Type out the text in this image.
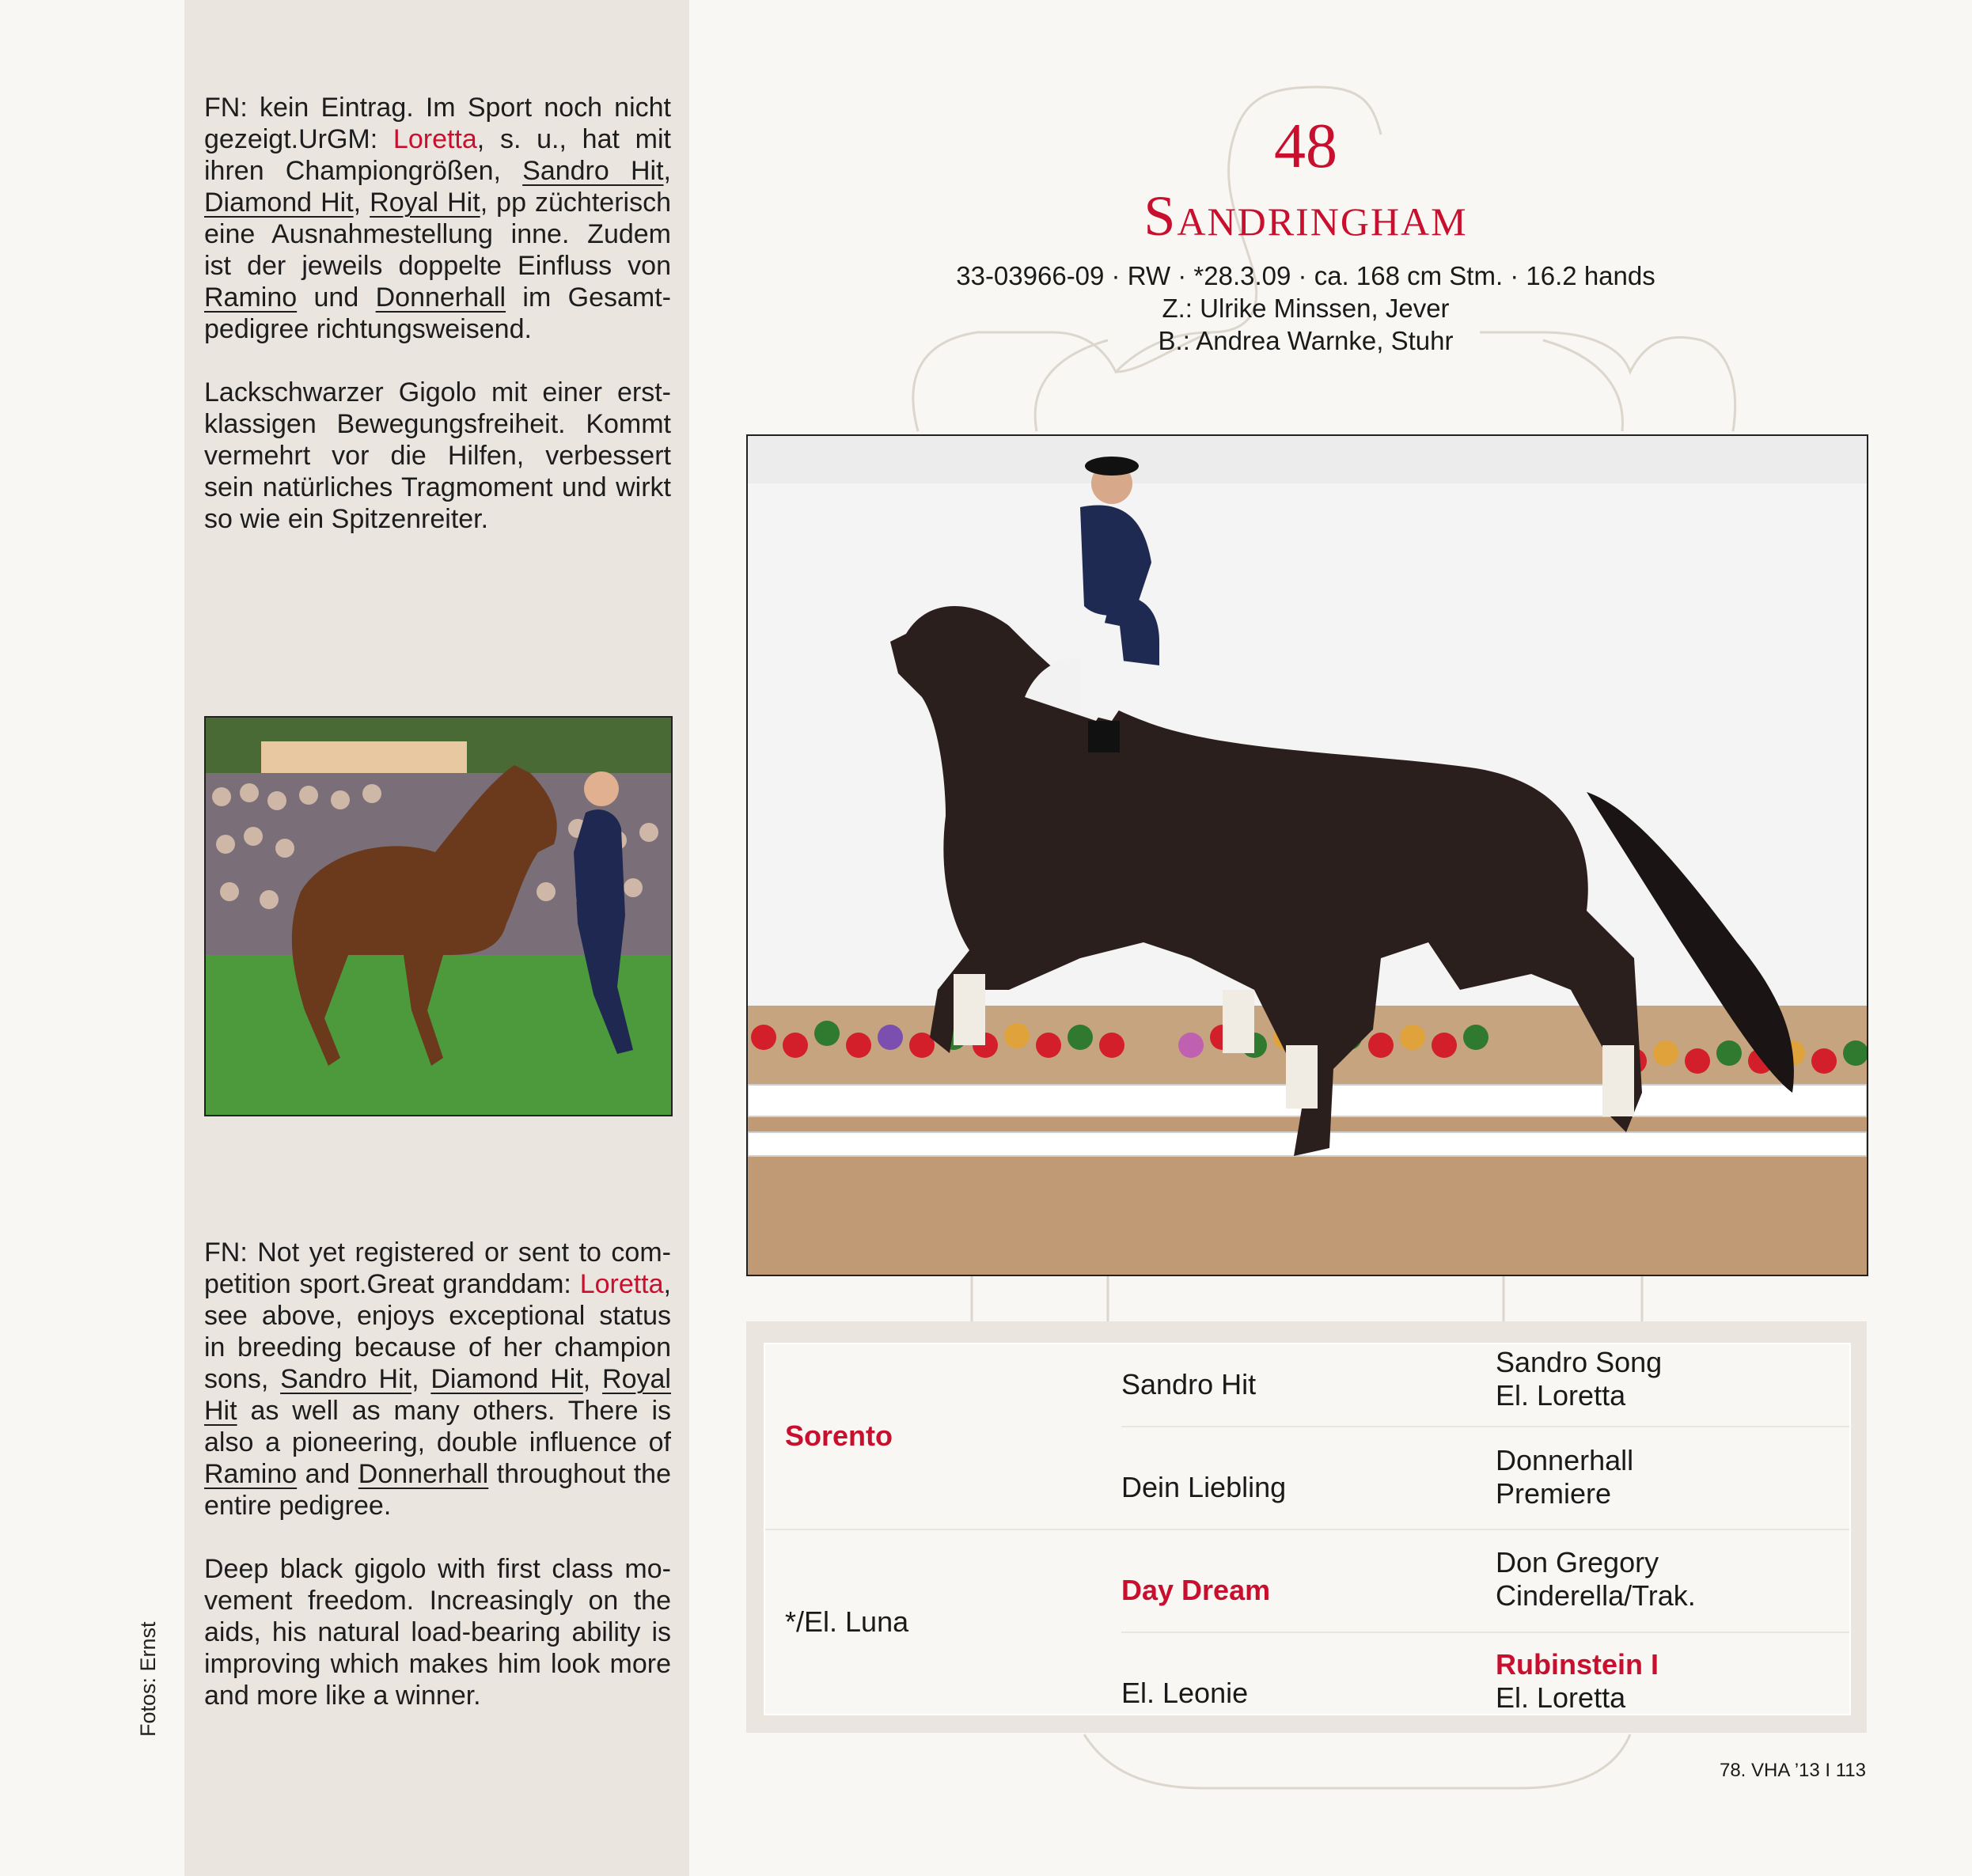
Fotos: Ernst

FN: kein Eintrag. Im Sport noch nicht gezeigt.UrGM: Loretta, s. u., hat mit ihren Championgrößen, Sandro Hit, Diamond Hit, Royal Hit, pp züchterisch eine Ausnahmestellung inne. Zudem ist der jeweils doppelte Einfluss von Ramino und Donnerhall im Gesamtpedigree richtungsweisend.

Lackschwarzer Gigolo mit einer erstklassigen Bewegungsfreiheit. Kommt vermehrt vor die Hilfen, verbessert sein natürliches Tragmoment und wirkt so wie ein Spitzenreiter.

FN: Not yet registered or sent to competition sport.Great granddam: Loretta, see above, enjoys exceptional status in breeding because of her champion sons, Sandro Hit, Diamond Hit, Royal Hit as well as many others. There is also a pioneering, double influence of Ramino and Donnerhall throughout the entire pedigree.

Deep black gigolo with first class movement freedom. Increasingly on the aids, his natural load-bearing ability is improving which makes him look more and more like a winner.

48
Sandringham
33-03966-09 · RW · *28.3.09 · ca. 168 cm Stm. · 16.2 hands
Z.: Ulrike Minssen, Jever
B.: Andrea Warnke, Stuhr
Sorento
*/El. Luna
Sandro Hit
Dein Liebling
Day Dream
El. Leonie
Sandro Song
El. Loretta
Donnerhall
Premiere
Don Gregory
Cinderella/Trak.
Rubinstein I
El. Loretta
78. VHA ’13 I 113
